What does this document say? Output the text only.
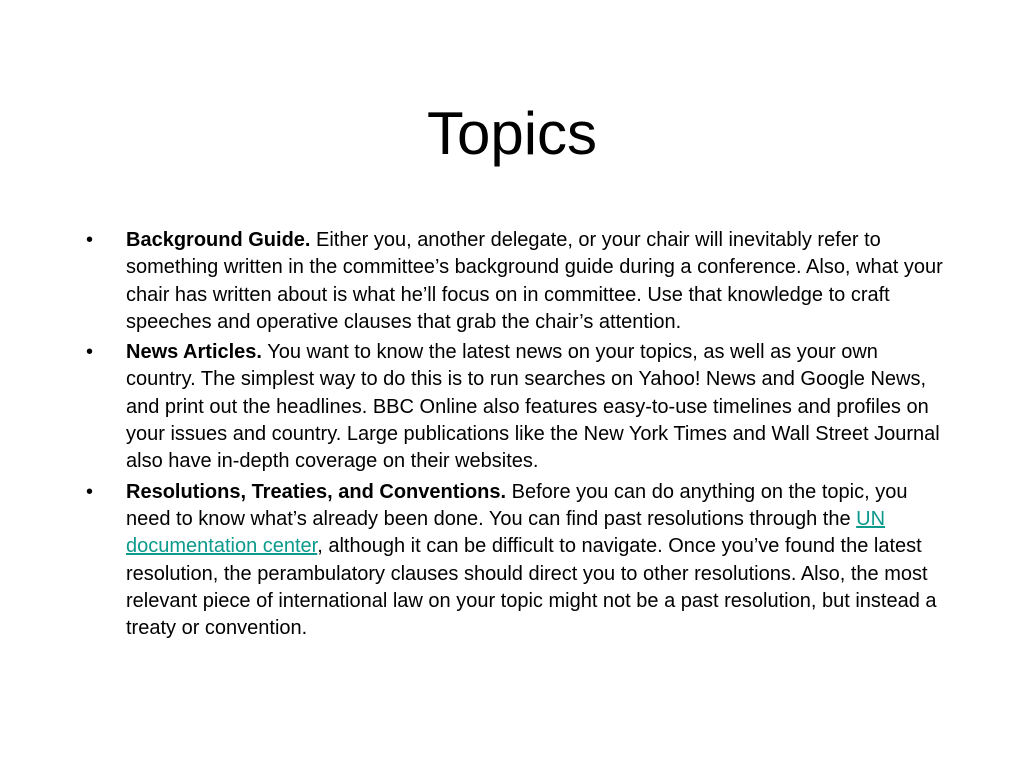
Topics
• Background Guide. Either you, another delegate, or your chair will inevitably refer to something written in the committee’s background guide during a conference. Also, what your chair has written about is what he’ll focus on in committee. Use that knowledge to craft speeches and operative clauses that grab the chair’s attention.
• News Articles. You want to know the latest news on your topics, as well as your own country. The simplest way to do this is to run searches on Yahoo! News and Google News, and print out the headlines. BBC Online also features easy-to-use timelines and profiles on your issues and country. Large publications like the New York Times and Wall Street Journal also have in-depth coverage on their websites.
• Resolutions, Treaties, and Conventions. Before you can do anything on the topic, you need to know what’s already been done. You can find past resolutions through the UN documentation center, although it can be difficult to navigate. Once you’ve found the latest resolution, the perambulatory clauses should direct you to other resolutions. Also, the most relevant piece of international law on your topic might not be a past resolution, but instead a treaty or convention.
